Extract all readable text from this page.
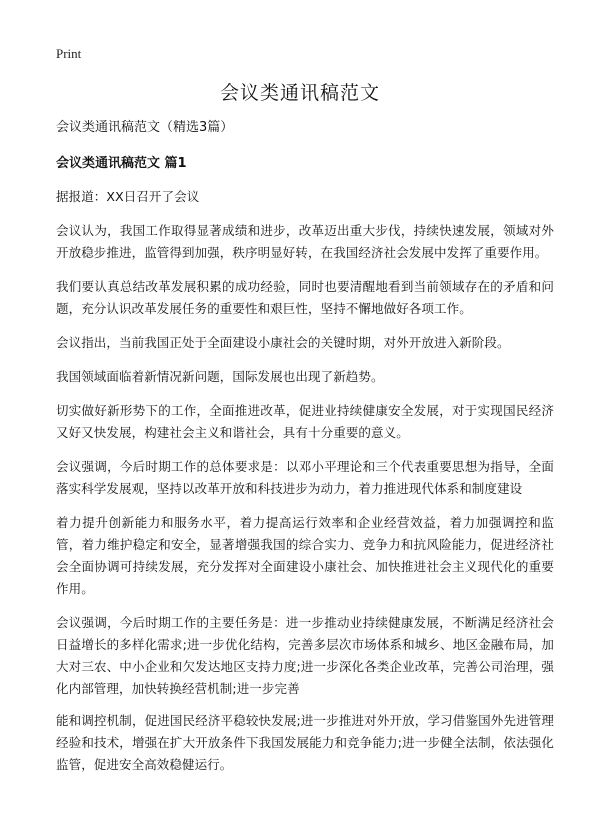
Print
会议类通讯稿范文

会议类通讯稿范文（精选3篇）

会议类通讯稿范文 篇1

据报道：XX日召开了会议

会议认为，我国工作取得显著成绩和进步，改革迈出重大步伐，持续快速发展，领域对外开放稳步推进，监管得到加强，秩序明显好转，在我国经济社会发展中发挥了重要作用。

我们要认真总结改革发展积累的成功经验，同时也要清醒地看到当前领域存在的矛盾和问题，充分认识改革发展任务的重要性和艰巨性，坚持不懈地做好各项工作。

会议指出，当前我国正处于全面建设小康社会的关键时期，对外开放进入新阶段。

我国领域面临着新情况新问题，国际发展也出现了新趋势。

切实做好新形势下的工作，全面推进改革，促进业持续健康安全发展，对于实现国民经济又好又快发展，构建社会主义和谐社会，具有十分重要的意义。

会议强调，今后时期工作的总体要求是：以邓小平理论和三个代表重要思想为指导，全面落实科学发展观，坚持以改革开放和科技进步为动力，着力推进现代体系和制度建设

着力提升创新能力和服务水平，着力提高运行效率和企业经营效益，着力加强调控和监管，着力维护稳定和安全，显著增强我国的综合实力、竞争力和抗风险能力，促进经济社会全面协调可持续发展，充分发挥对全面建设小康社会、加快推进社会主义现代化的重要作用。

会议强调，今后时期工作的主要任务是：进一步推动业持续健康发展，不断满足经济社会日益增长的多样化需求;进一步优化结构，完善多层次市场体系和城乡、地区金融布局，加大对三农、中小企业和欠发达地区支持力度;进一步深化各类企业改革，完善公司治理，强化内部管理，加快转换经营机制;进一步完善

能和调控机制，促进国民经济平稳较快发展;进一步推进对外开放，学习借鉴国外先进管理经验和技术，增强在扩大开放条件下我国发展能力和竞争能力;进一步健全法制，依法强化监管，促进安全高效稳健运行。
